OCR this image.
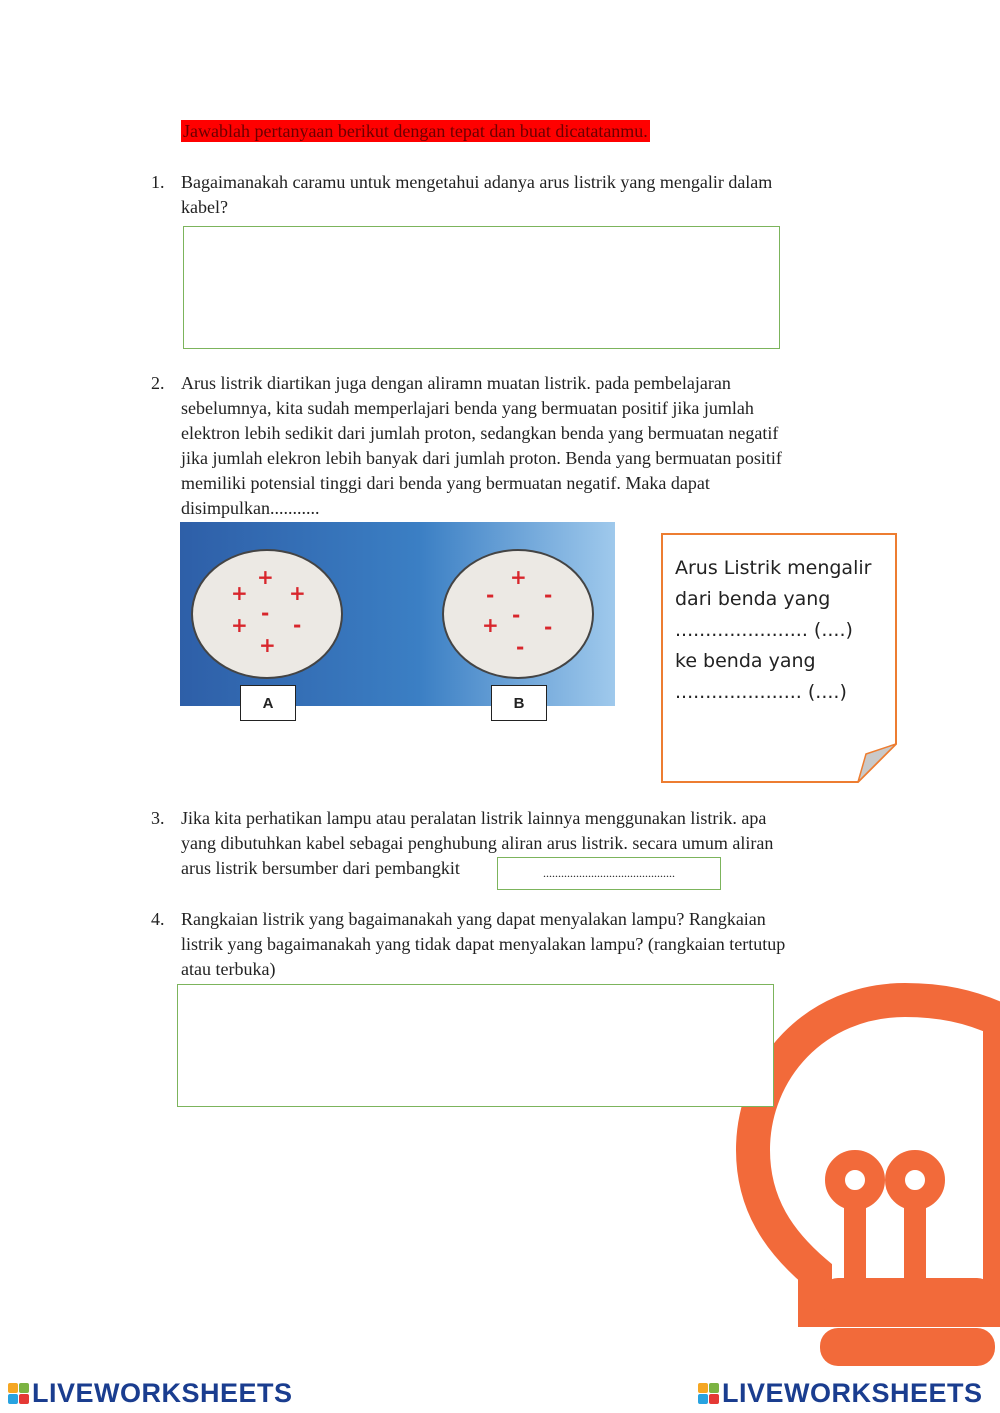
Jawablah pertanyaan berikut dengan tepat dan buat dicatatanmu.
1. Bagaimanakah caramu untuk mengetahui adanya arus listrik yang mengalir dalam
kabel?
2. Arus listrik diartikan juga dengan aliramn muatan listrik. pada pembelajaran
sebelumnya, kita sudah memperlajari benda yang bermuatan positif jika jumlah
elektron lebih sedikit dari jumlah proton, sedangkan benda yang bermuatan negatif
jika jumlah elekron lebih banyak dari jumlah proton. Benda yang bermuatan positif
memiliki potensial tinggi dari benda yang bermuatan negatif. Maka dapat
disimpulkan...........
+
+ +
-
+ -
+
+
- -
-
+ -
-
A	B
Arus Listrik mengalir
dari benda yang
...................... (....)
ke benda yang
..................... (....)
3. Jika kita perhatikan lampu atau peralatan listrik lainnya menggunakan listrik. apa
yang dibutuhkan kabel sebagai penghubung aliran arus listrik. secara umum aliran
arus listrik bersumber dari pembangkit	............................................
4. Rangkaian listrik yang bagaimanakah yang dapat menyalakan lampu? Rangkaian
listrik yang bagaimanakah yang tidak dapat menyalakan lampu? (rangkaian tertutup
atau terbuka)
LIVEWORKSHEETS	LIVEWORKSHEETS
